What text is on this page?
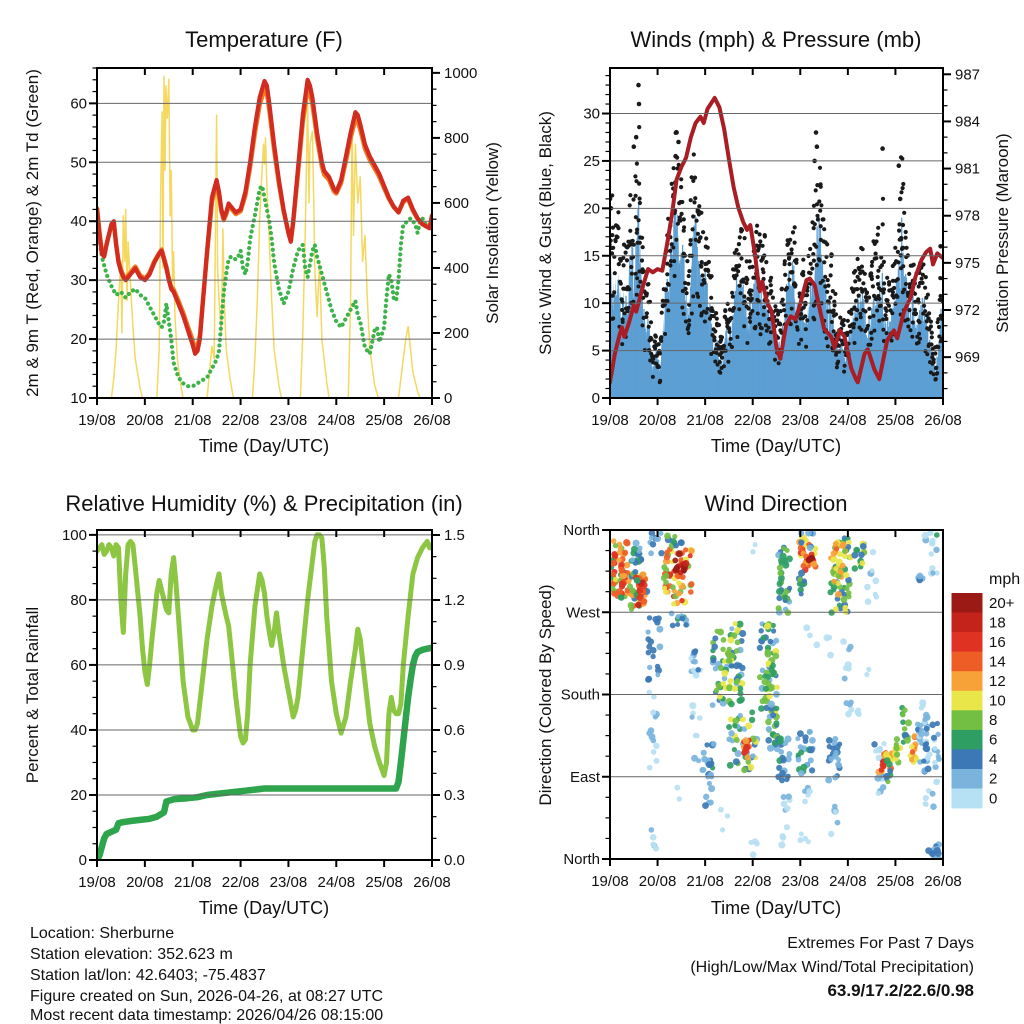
19/08 20/08 21/08 22/08 23/08 24/08 25/08 26/08
10
20
30
40
50
60
0
200
400
600
800
1000
19/08 20/08 21/08 22/08 23/08 24/08 25/08 26/08
0
5
10
15
20
25
30
969
972
975
978
981
984
987
19/08 20/08 21/08 22/08 23/08 24/08 25/08 26/08
0
20
40
60
80
100
0.0
0.3
0.6
0.9
1.2
1.5
20+
18
16
14
12
10
8
6
4
2
0
19/08 20/08 21/08 22/08 23/08 24/08 25/08 26/08
North
West
South
East
North
Temperature (F)	Winds (mph) & Pressure (mb)
Relative Humidity (%) & Precipitation (in)	Wind Direction
Time (Day/UTC)	Time (Day/UTC)
Time (Day/UTC)	Time (Day/UTC)
2m & 9m T (Red, Orange) & 2m Td (Green)	Solar Insolation (Yellow) Sonic Wind & Gust (Blue, Black)	Station Pressure (Maroon)
Percent & Total Rainfall	Direction (Colored By Speed)
mph
Location: Sherburne
Station elevation: 352.623 m
Station lat/lon: 42.6403; -75.4837
Figure created on Sun, 2026-04-26, at 08:27 UTC
Most recent data timestamp: 2026/04/26 08:15:00
Extremes For Past 7 Days
(High/Low/Max Wind/Total Precipitation)
63.9/17.2/22.6/0.98
